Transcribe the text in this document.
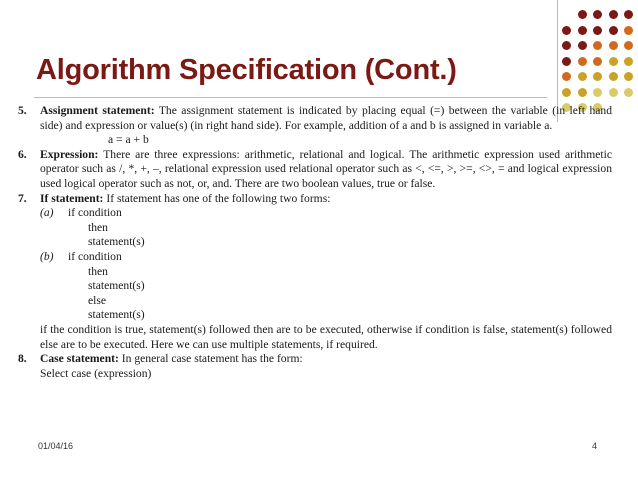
Algorithm Specification (Cont.)
5. Assignment statement: The assignment statement is indicated by placing equal (=) between the variable (in left hand side) and expression or value(s) (in right hand side). For example, addition of a and b is assigned in variable a.
a = a + b
6. Expression: There are three expressions: arithmetic, relational and logical. The arithmetic expression used arithmetic operator such as /, *, +, –, relational expression used relational operator such as <, <=, >, >=, <>, = and logical expression used logical operator such as not, or, and. There are two boolean values, true or false.
7. If statement: If statement has one of the following two forms:
(a) if condition
then
statement(s)
(b) if condition
then
statement(s)
else
statement(s)
if the condition is true, statement(s) followed then are to be executed, otherwise if condition is false, statement(s) followed else are to be executed. Here we can use multiple statements, if required.
8. Case statement: In general case statement has the form:
Select case (expression)
01/04/16	4
